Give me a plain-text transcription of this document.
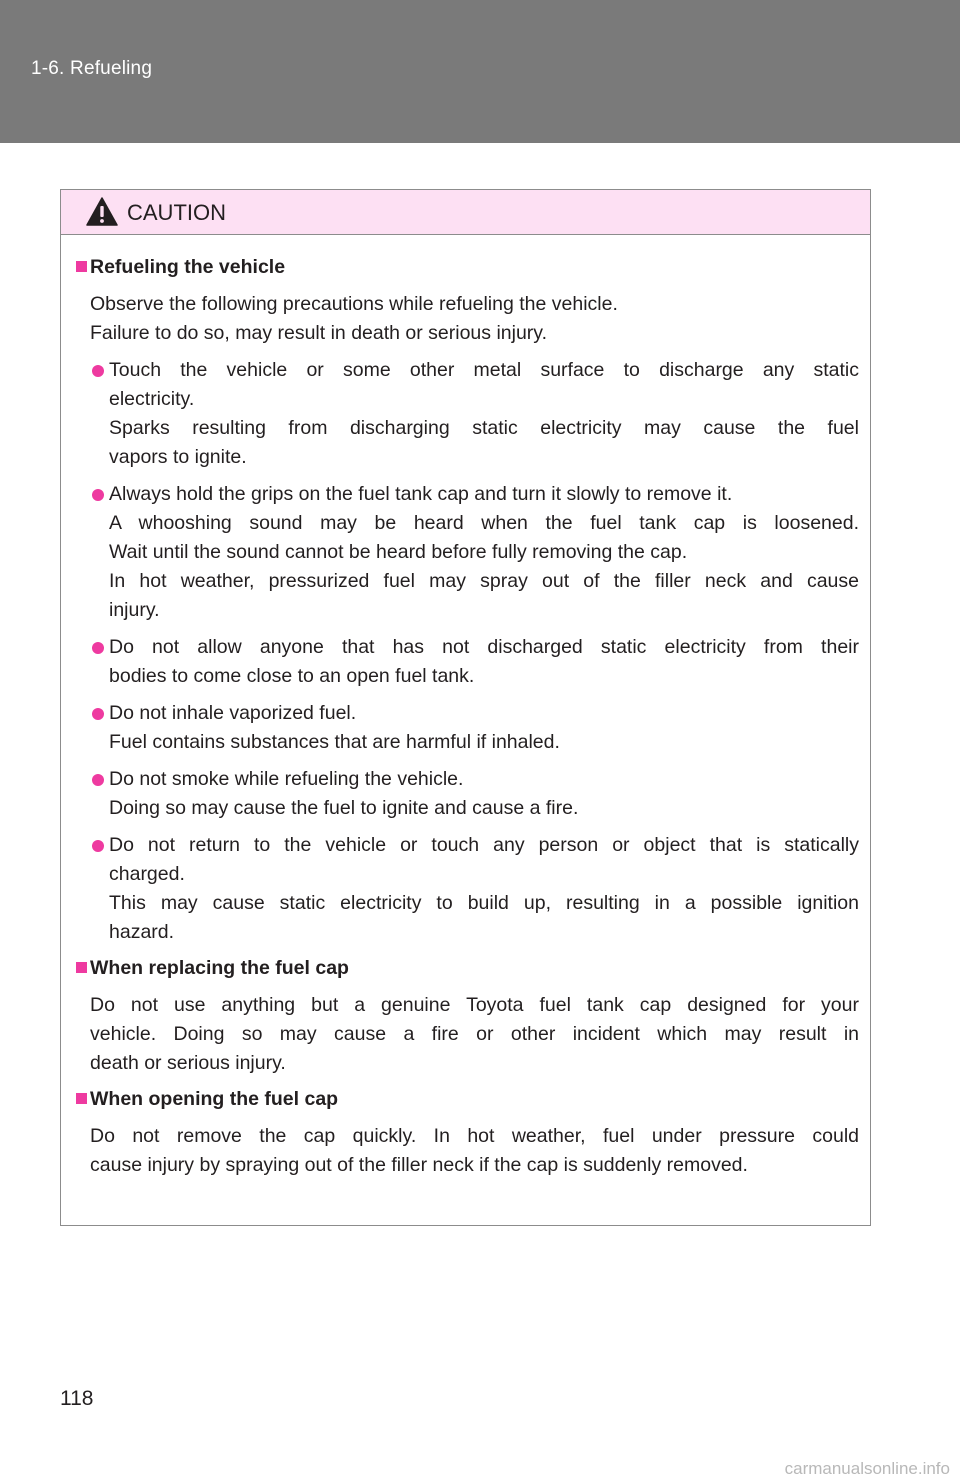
1-6. Refueling
CAUTION
Refueling the vehicle
Observe the following precautions while refueling the vehicle.
Failure to do so, may result in death or serious injury.
Touch the vehicle or some other metal surface to discharge any static
electricity.
Sparks resulting from discharging static electricity may cause the fuel
vapors to ignite.
Always hold the grips on the fuel tank cap and turn it slowly to remove it.
A whooshing sound may be heard when the fuel tank cap is loosened.
Wait until the sound cannot be heard before fully removing the cap.
In hot weather, pressurized fuel may spray out of the filler neck and cause
injury.
Do not allow anyone that has not discharged static electricity from their
bodies to come close to an open fuel tank.
Do not inhale vaporized fuel.
Fuel contains substances that are harmful if inhaled.
Do not smoke while refueling the vehicle.
Doing so may cause the fuel to ignite and cause a fire.
Do not return to the vehicle or touch any person or object that is statically
charged.
This may cause static electricity to build up, resulting in a possible ignition
hazard.
When replacing the fuel cap
Do not use anything but a genuine Toyota fuel tank cap designed for your
vehicle. Doing so may cause a fire or other incident which may result in
death or serious injury.
When opening the fuel cap
Do not remove the cap quickly. In hot weather, fuel under pressure could
cause injury by spraying out of the filler neck if the cap is suddenly removed.
118
carmanualsonline.info
